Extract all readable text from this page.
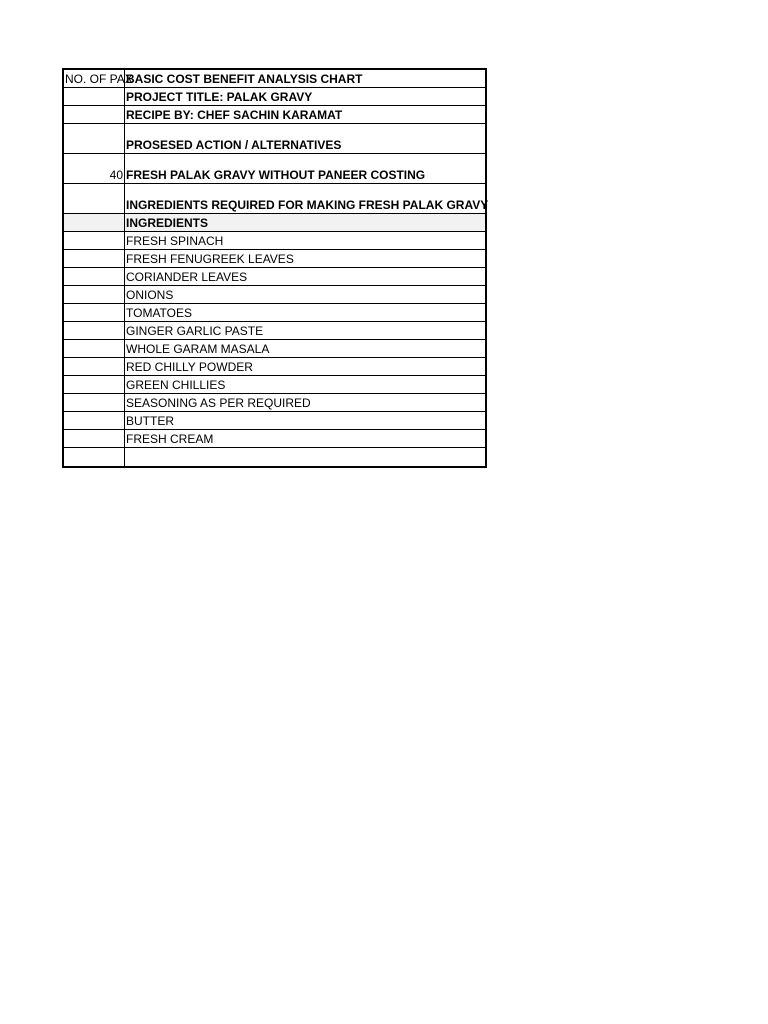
NO. OF PAX
BASIC COST BENEFIT ANALYSIS CHART
PROJECT TITLE: PALAK GRAVY
RECIPE BY: CHEF SACHIN KARAMAT
PROSESED ACTION / ALTERNATIVES
40 FRESH PALAK GRAVY WITHOUT PANEER COSTING
INGREDIENTS REQUIRED FOR MAKING FRESH PALAK GRAVY
INGREDIENTS
FRESH SPINACH
FRESH FENUGREEK LEAVES
CORIANDER LEAVES
ONIONS
TOMATOES
GINGER GARLIC PASTE
WHOLE GARAM MASALA
RED CHILLY POWDER
GREEN CHILLIES
SEASONING AS PER REQUIRED
BUTTER
FRESH CREAM
